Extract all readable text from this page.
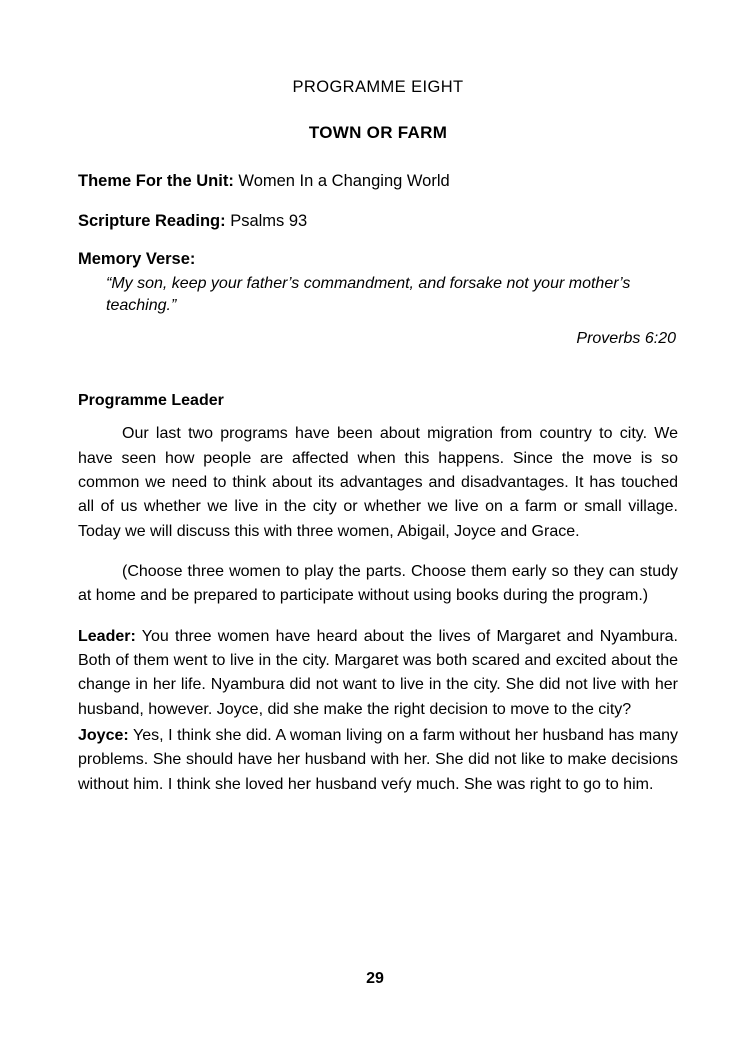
PROGRAMME EIGHT
TOWN OR FARM
Theme For the Unit: Women In a Changing World
Scripture Reading: Psalms 93
Memory Verse:
“My son, keep your father’s commandment, and forsake not your mother’s teaching.”
Proverbs 6:20
Programme Leader
Our last two programs have been about migration from country to city. We have seen how people are affected when this happens. Since the move is so common we need to think about its advantages and disadvantages. It has touched all of us whether we live in the city or whether we live on a farm or small village. Today we will discuss this with three women, Abigail, Joyce and Grace.
(Choose three women to play the parts. Choose them early so they can study at home and be prepared to participate without using books during the program.)
Leader: You three women have heard about the lives of Margaret and Nyambura. Both of them went to live in the city. Margaret was both scared and excited about the change in her life. Nyambura did not want to live in the city. She did not live with her husband, however. Joyce, did she make the right decision to move to the city?
Joyce: Yes, I think she did. A woman living on a farm without her husband has many problems. She should have her husband with her. She did not like to make decisions without him. I think she loved her husband veŕy much. She was right to go to him.
29
